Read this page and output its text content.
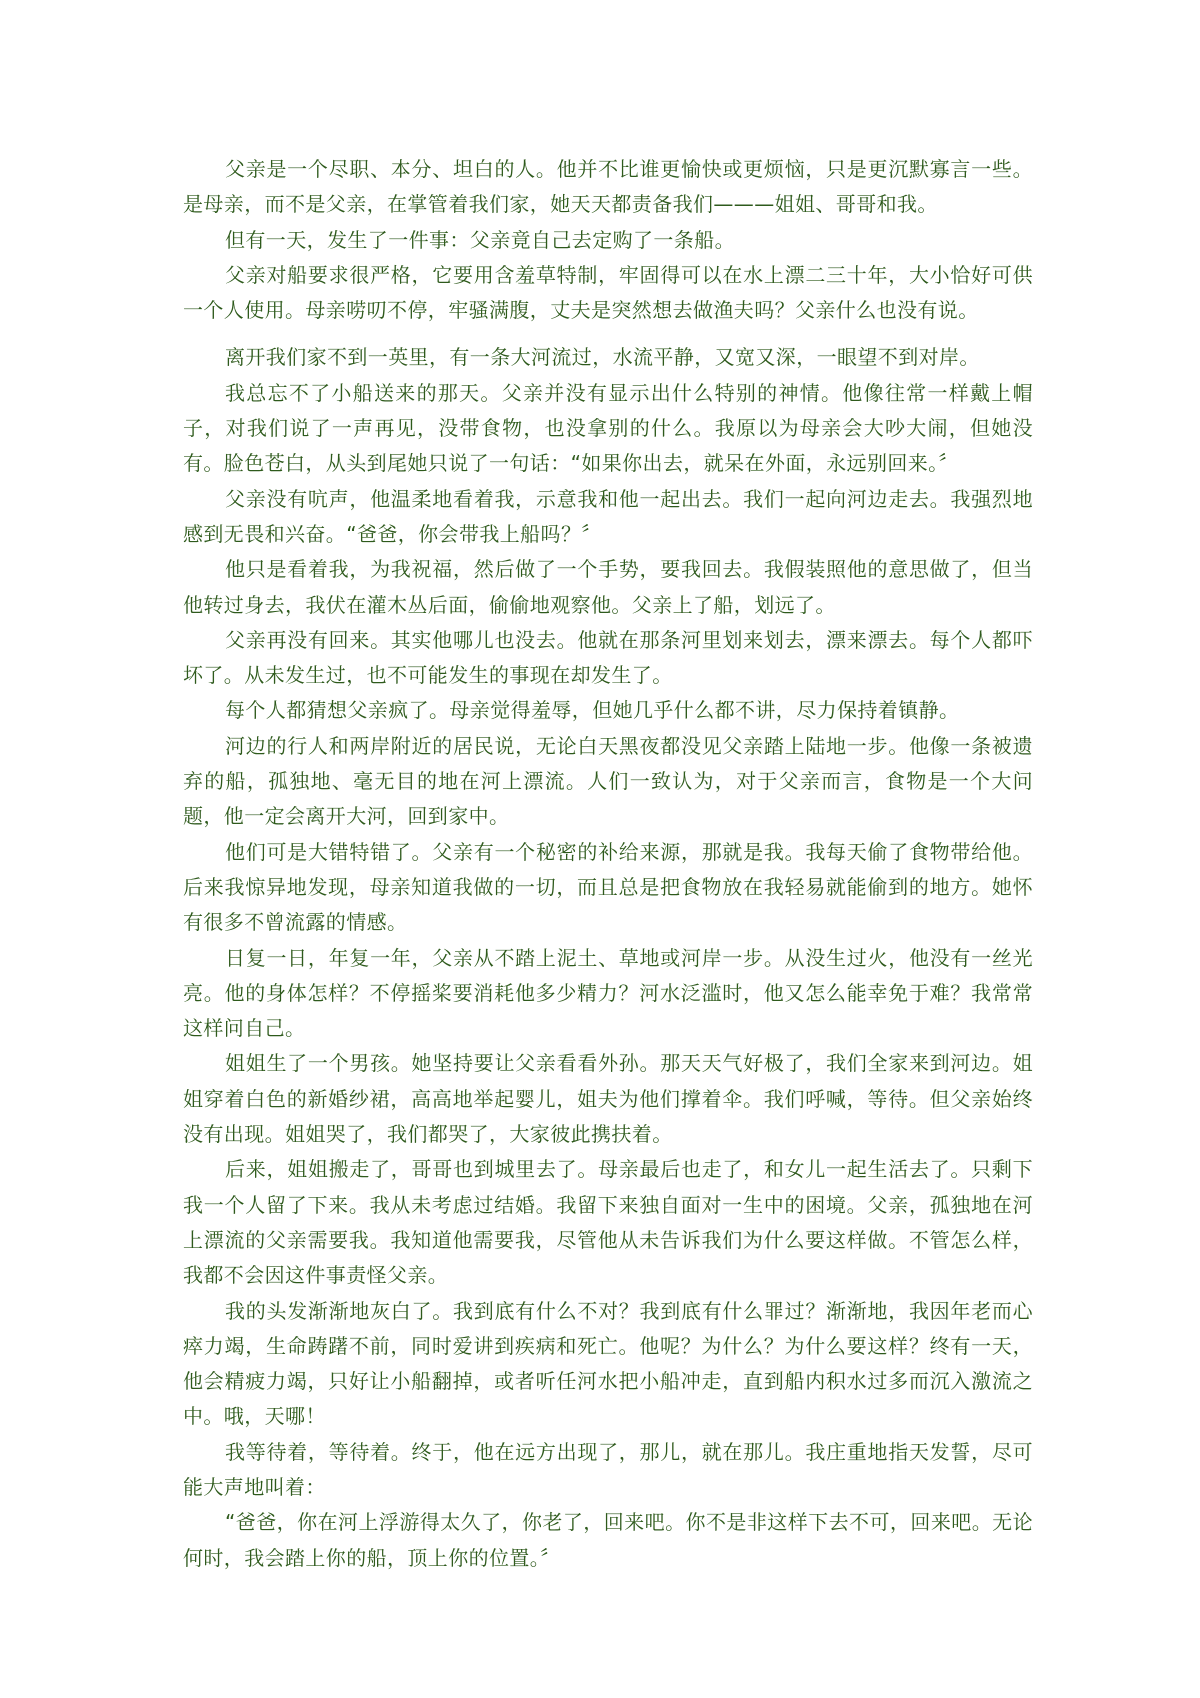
父亲是一个尽职、本分、坦白的人。他并不比谁更愉快或更烦恼，只是更沉默寡言一些。是母亲，而不是父亲，在掌管着我们家，她天天都责备我们———姐姐、哥哥和我。

但有一天，发生了一件事：父亲竟自己去定购了一条船。

父亲对船要求很严格，它要用含羞草特制，牢固得可以在水上漂二三十年，大小恰好可供一个人使用。母亲唠叨不停，牢骚满腹，丈夫是突然想去做渔夫吗？父亲什么也没有说。

离开我们家不到一英里，有一条大河流过，水流平静，又宽又深，一眼望不到对岸。

我总忘不了小船送来的那天。父亲并没有显示出什么特别的神情。他像往常一样戴上帽子，对我们说了一声再见，没带食物，也没拿别的什么。我原以为母亲会大吵大闹，但她没有。脸色苍白，从头到尾她只说了一句话：“如果你出去，就呆在外面，永远别回来。〞

父亲没有吭声，他温柔地看着我，示意我和他一起出去。我们一起向河边走去。我强烈地感到无畏和兴奋。“爸爸，你会带我上船吗？〞

他只是看着我，为我祝福，然后做了一个手势，要我回去。我假装照他的意思做了，但当他转过身去，我伏在灌木丛后面，偷偷地观察他。父亲上了船，划远了。

父亲再没有回来。其实他哪儿也没去。他就在那条河里划来划去，漂来漂去。每个人都吓坏了。从未发生过，也不可能发生的事现在却发生了。

每个人都猜想父亲疯了。母亲觉得羞辱，但她几乎什么都不讲，尽力保持着镇静。

河边的行人和两岸附近的居民说，无论白天黑夜都没见父亲踏上陆地一步。他像一条被遗弃的船，孤独地、毫无目的地在河上漂流。人们一致认为，对于父亲而言，食物是一个大问题，他一定会离开大河，回到家中。

他们可是大错特错了。父亲有一个秘密的补给来源，那就是我。我每天偷了食物带给他。后来我惊异地发现，母亲知道我做的一切，而且总是把食物放在我轻易就能偷到的地方。她怀有很多不曾流露的情感。

日复一日，年复一年，父亲从不踏上泥土、草地或河岸一步。从没生过火，他没有一丝光亮。他的身体怎样？不停摇桨要消耗他多少精力？河水泛滥时，他又怎么能幸免于难？我常常这样问自己。

姐姐生了一个男孩。她坚持要让父亲看看外孙。那天天气好极了，我们全家来到河边。姐姐穿着白色的新婚纱裙，高高地举起婴儿，姐夫为他们撑着伞。我们呼喊，等待。但父亲始终没有出现。姐姐哭了，我们都哭了，大家彼此携扶着。

后来，姐姐搬走了，哥哥也到城里去了。母亲最后也走了，和女儿一起生活去了。只剩下我一个人留了下来。我从未考虑过结婚。我留下来独自面对一生中的困境。父亲，孤独地在河上漂流的父亲需要我。我知道他需要我，尽管他从未告诉我们为什么要这样做。不管怎么样，我都不会因这件事责怪父亲。

我的头发渐渐地灰白了。我到底有什么不对？我到底有什么罪过？渐渐地，我因年老而心瘁力竭，生命踌躇不前，同时爱讲到疾病和死亡。他呢？为什么？为什么要这样？终有一天，他会精疲力竭，只好让小船翻掉，或者听任河水把小船冲走，直到船内积水过多而沉入激流之中。哦，天哪！

我等待着，等待着。终于，他在远方出现了，那儿，就在那儿。我庄重地指天发誓，尽可能大声地叫着：

“爸爸，你在河上浮游得太久了，你老了，回来吧。你不是非这样下去不可，回来吧。无论何时，我会踏上你的船，顶上你的位置。〞
